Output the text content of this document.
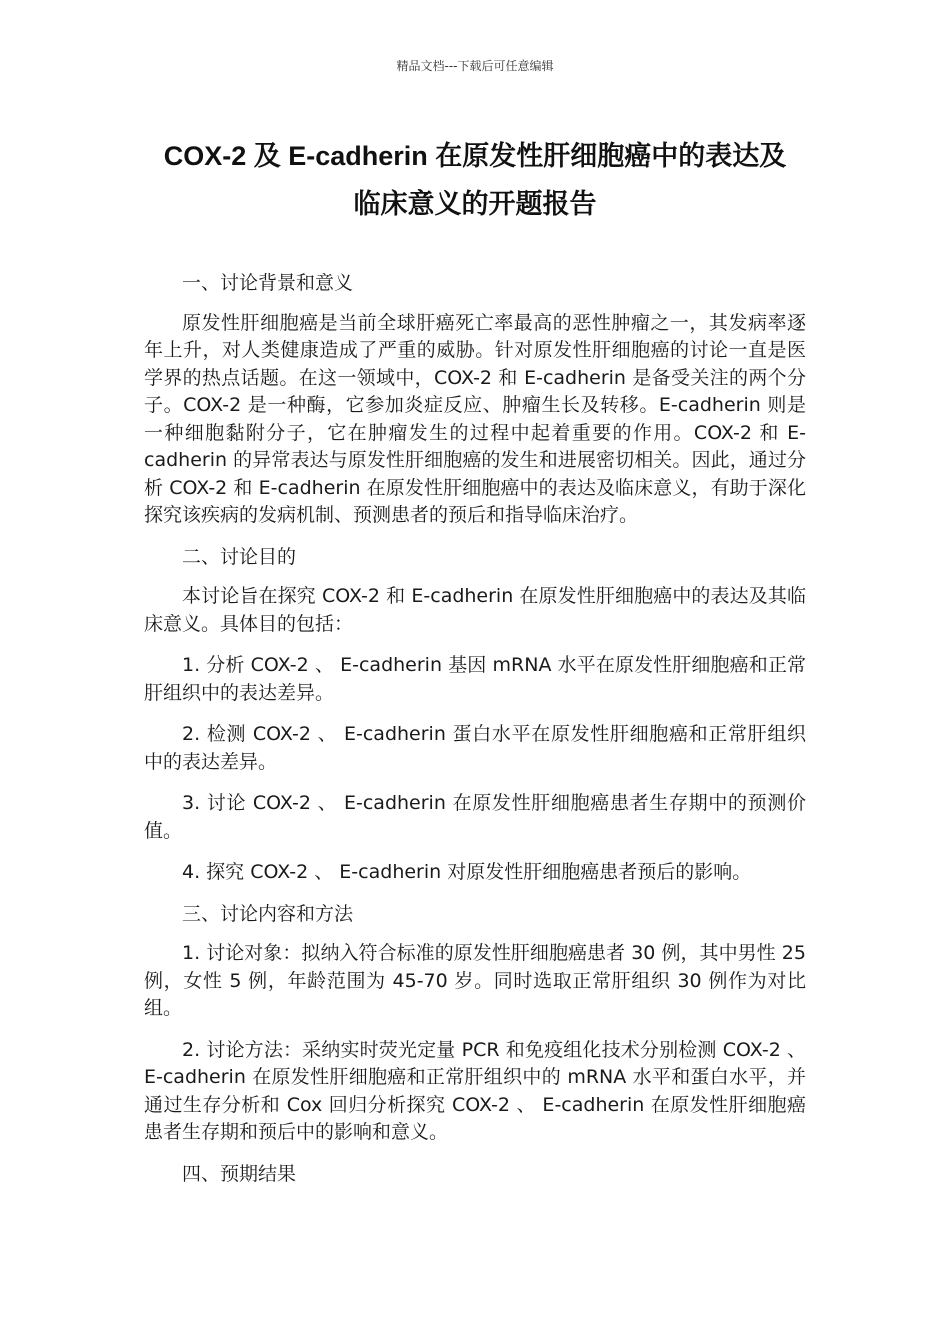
精品文档---下载后可任意编辑
COX-2 及 E-cadherin 在原发性肝细胞癌中的表达及
临床意义的开题报告

一、讨论背景和意义

原发性肝细胞癌是当前全球肝癌死亡率最高的恶性肿瘤之一，其发病率逐年上升，对人类健康造成了严重的威胁。针对原发性肝细胞癌的讨论一直是医学界的热点话题。在这一领域中，COX-2 和 E-cadherin 是备受关注的两个分子。COX-2 是一种酶，它参加炎症反应、肿瘤生长及转移。E-cadherin 则是一种细胞黏附分子，它在肿瘤发生的过程中起着重要的作用。COX-2 和 E-cadherin 的异常表达与原发性肝细胞癌的发生和进展密切相关。因此，通过分析 COX-2 和 E-cadherin 在原发性肝细胞癌中的表达及临床意义，有助于深化探究该疾病的发病机制、预测患者的预后和指导临床治疗。

二、讨论目的

本讨论旨在探究 COX-2 和 E-cadherin 在原发性肝细胞癌中的表达及其临床意义。具体目的包括：

1. 分析 COX-2 、 E-cadherin 基因 mRNA 水平在原发性肝细胞癌和正常肝组织中的表达差异。

2. 检测 COX-2 、 E-cadherin 蛋白水平在原发性肝细胞癌和正常肝组织中的表达差异。

3. 讨论 COX-2 、 E-cadherin 在原发性肝细胞癌患者生存期中的预测价值。

4. 探究 COX-2 、 E-cadherin 对原发性肝细胞癌患者预后的影响。

三、讨论内容和方法

1. 讨论对象：拟纳入符合标准的原发性肝细胞癌患者 30 例，其中男性 25 例，女性 5 例，年龄范围为 45-70 岁。同时选取正常肝组织 30 例作为对比组。

2. 讨论方法：采纳实时荧光定量 PCR 和免疫组化技术分别检测 COX-2 、 E-cadherin 在原发性肝细胞癌和正常肝组织中的 mRNA 水平和蛋白水平，并通过生存分析和 Cox 回归分析探究 COX-2 、 E-cadherin 在原发性肝细胞癌患者生存期和预后中的影响和意义。

四、预期结果
